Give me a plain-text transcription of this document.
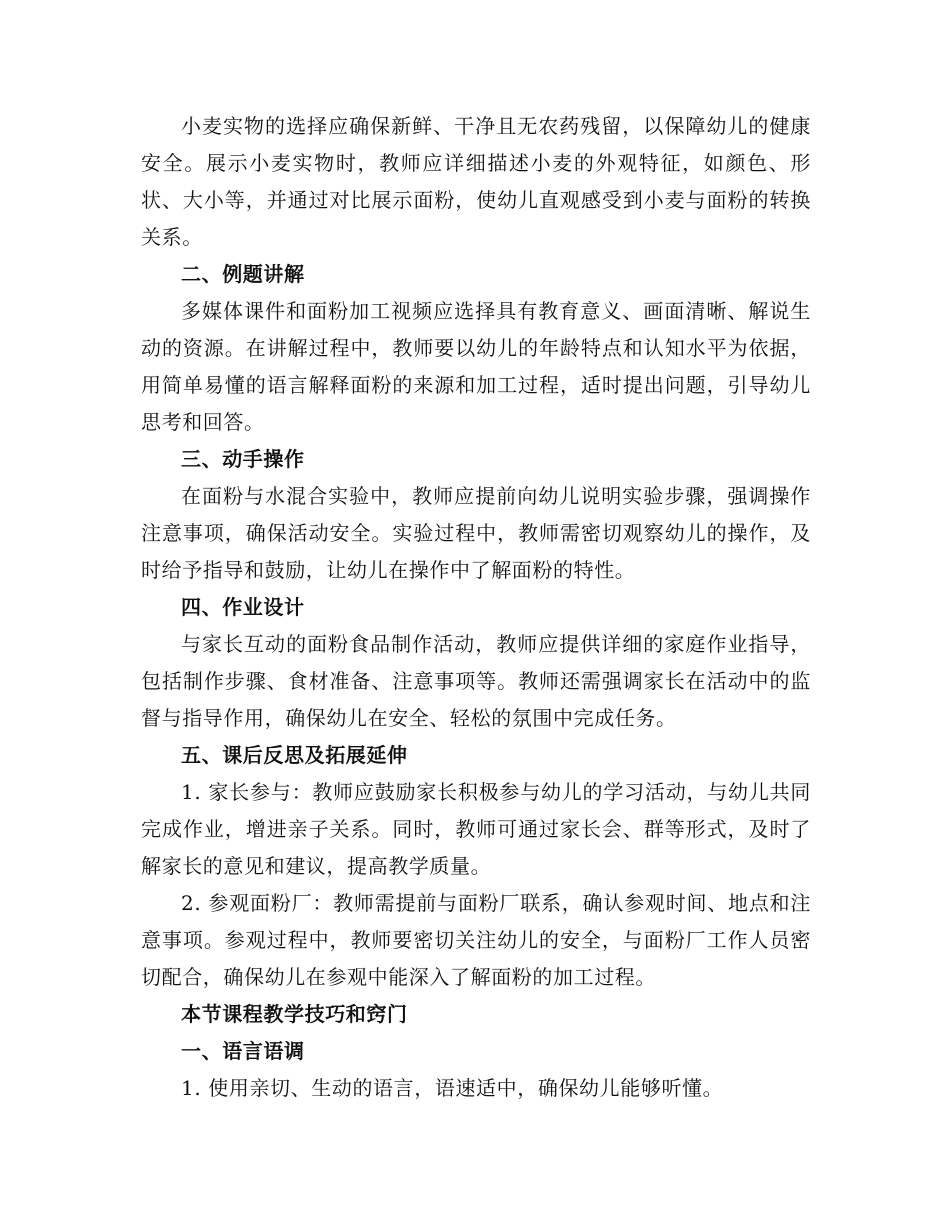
小麦实物的选择应确保新鲜、干净且无农药残留，以保障幼儿的健康安全。展示小麦实物时，教师应详细描述小麦的外观特征，如颜色、形状、大小等，并通过对比展示面粉，使幼儿直观感受到小麦与面粉的转换关系。

二、例题讲解

多媒体课件和面粉加工视频应选择具有教育意义、画面清晰、解说生动的资源。在讲解过程中，教师要以幼儿的年龄特点和认知水平为依据，用简单易懂的语言解释面粉的来源和加工过程，适时提出问题，引导幼儿思考和回答。

三、动手操作

在面粉与水混合实验中，教师应提前向幼儿说明实验步骤，强调操作注意事项，确保活动安全。实验过程中，教师需密切观察幼儿的操作，及时给予指导和鼓励，让幼儿在操作中了解面粉的特性。

四、作业设计

与家长互动的面粉食品制作活动，教师应提供详细的家庭作业指导，包括制作步骤、食材准备、注意事项等。教师还需强调家长在活动中的监督与指导作用，确保幼儿在安全、轻松的氛围中完成任务。

五、课后反思及拓展延伸

1. 家长参与：教师应鼓励家长积极参与幼儿的学习活动，与幼儿共同完成作业，增进亲子关系。同时，教师可通过家长会、群等形式，及时了解家长的意见和建议，提高教学质量。

2. 参观面粉厂：教师需提前与面粉厂联系，确认参观时间、地点和注意事项。参观过程中，教师要密切关注幼儿的安全，与面粉厂工作人员密切配合，确保幼儿在参观中能深入了解面粉的加工过程。

本节课程教学技巧和窍门

一、语言语调

1. 使用亲切、生动的语言，语速适中，确保幼儿能够听懂。
